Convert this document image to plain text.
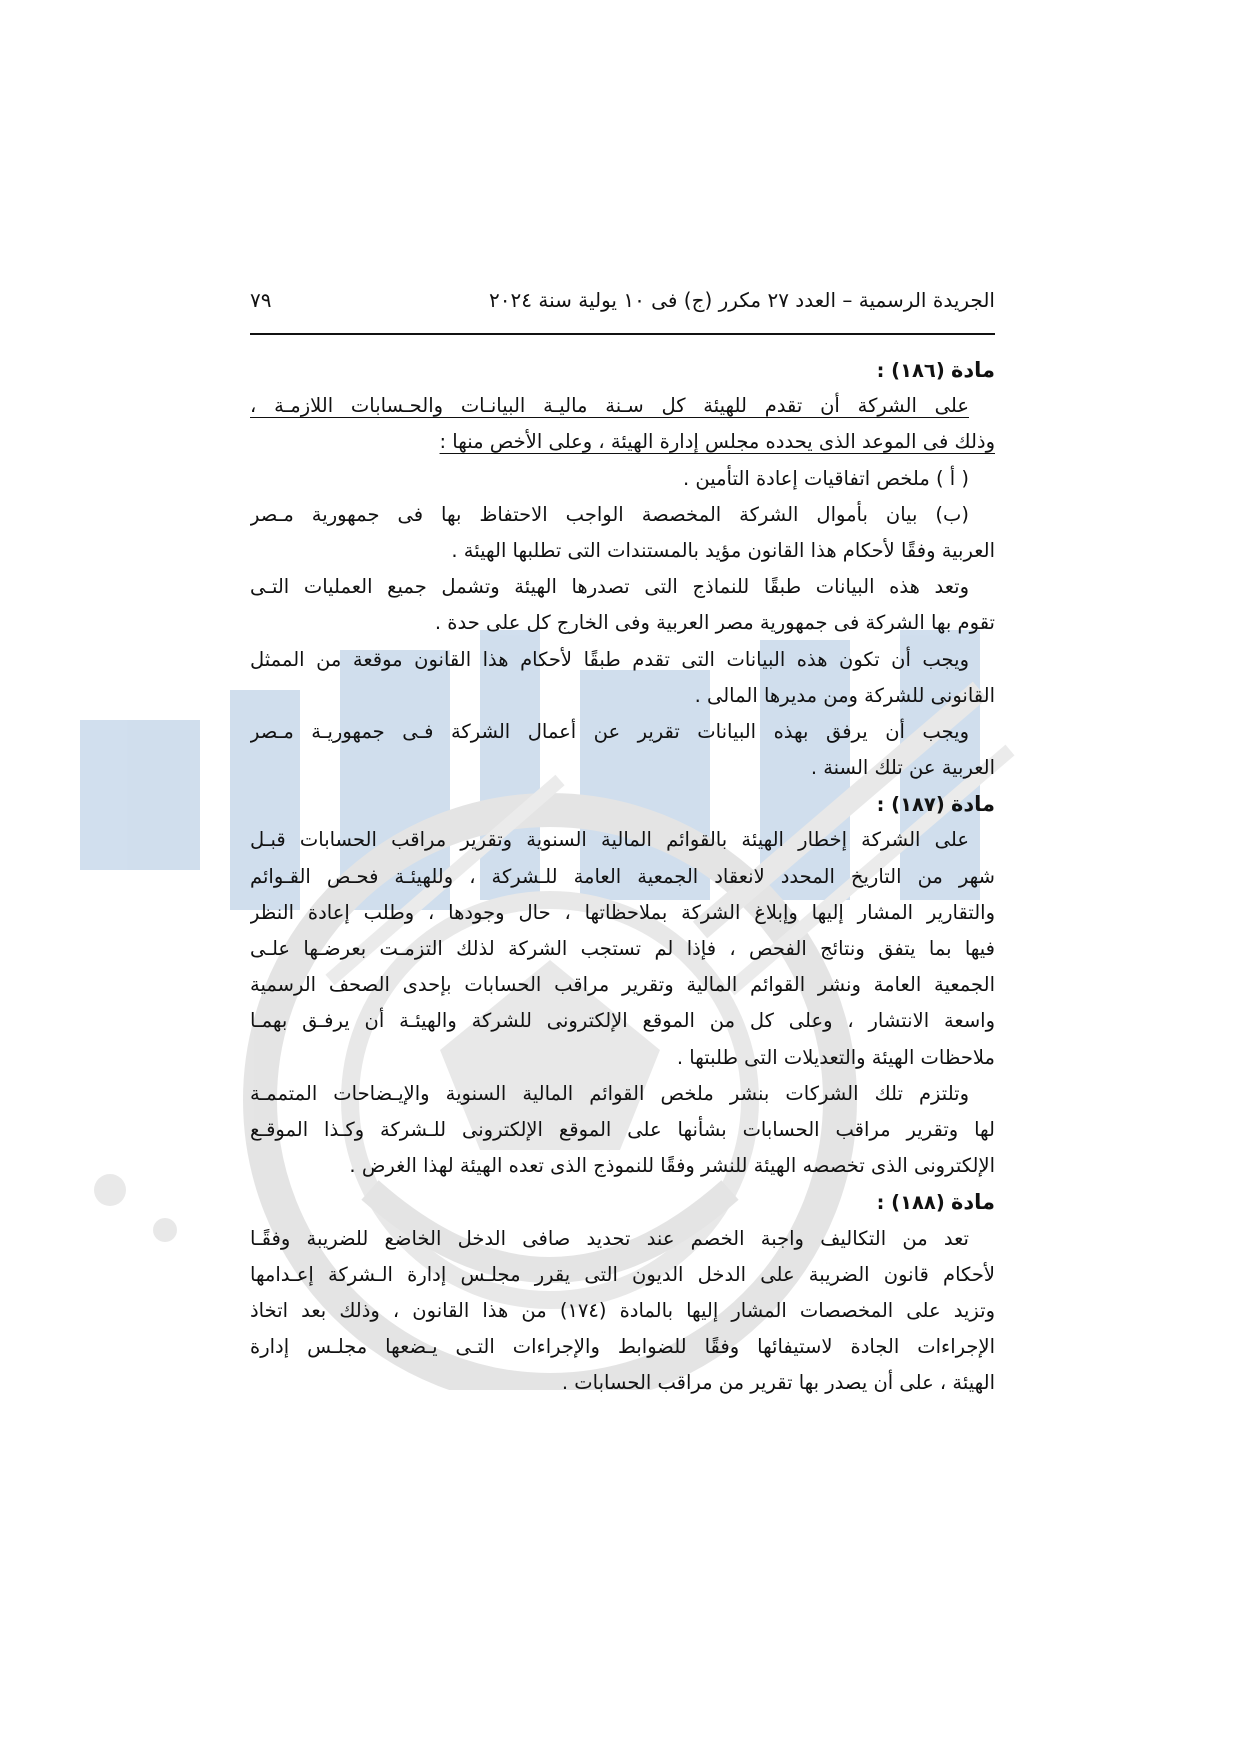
الجريدة الرسمية – العدد ٢٧ مكرر (ج) فى ١٠ يولية سنة ٢٠٢٤
٧٩
مادة (١٨٦) :
على الشركة أن تقدم للهيئة كل سـنة ماليـة البيانـات والحـسابات اللازمـة ،
وذلك فى الموعد الذى يحدده مجلس إدارة الهيئة ، وعلى الأخص منها :
( أ ) ملخص اتفاقيات إعادة التأمين .
(ب) بيان بأموال الشركة المخصصة الواجب الاحتفاظ بها فى جمهورية مـصر
العربية وفقًا لأحكام هذا القانون مؤيد بالمستندات التى تطلبها الهيئة .
وتعد هذه البيانات طبقًا للنماذج التى تصدرها الهيئة وتشمل جميع العمليات التـى
تقوم بها الشركة فى جمهورية مصر العربية وفى الخارج كل على حدة .
ويجب أن تكون هذه البيانات التى تقدم طبقًا لأحكام هذا القانون موقعة من الممثل
القانونى للشركة ومن مديرها المالى .
ويجب أن يرفق بهذه البيانات تقرير عن أعمال الشركة فـى جمهوريـة مـصر
العربية عن تلك السنة .
مادة (١٨٧) :
على الشركة إخطار الهيئة بالقوائم المالية السنوية وتقرير مراقب الحسابات قبـل
شهر من التاريخ المحدد لانعقاد الجمعية العامة للـشركة ، وللهيئـة فحـص القـوائم
والتقارير المشار إليها وإبلاغ الشركة بملاحظاتها ، حال وجودها ، وطلب إعادة النظر
فيها بما يتفق ونتائج الفحص ، فإذا لم تستجب الشركة لذلك التزمـت بعرضـها علـى
الجمعية العامة ونشر القوائم المالية وتقرير مراقب الحسابات بإحدى الصحف الرسمية
واسعة الانتشار ، وعلى كل من الموقع الإلكترونى للشركة والهيئـة أن يرفـق بهمـا
ملاحظات الهيئة والتعديلات التى طلبتها .
وتلتزم تلك الشركات بنشر ملخص القوائم المالية السنوية والإيـضاحات المتممـة
لها وتقرير مراقب الحسابات بشأنها على الموقع الإلكترونى للـشركة وكـذا الموقـع
الإلكترونى الذى تخصصه الهيئة للنشر وفقًا للنموذج الذى تعده الهيئة لهذا الغرض .
مادة (١٨٨) :
تعد من التكاليف واجبة الخصم عند تحديد صافى الدخل الخاضع للضريبة وفقًـا
لأحكام قانون الضريبة على الدخل الديون التى يقرر مجلـس إدارة الـشركة إعـدامها
وتزيد على المخصصات المشار إليها بالمادة (١٧٤) من هذا القانون ، وذلك بعد اتخاذ
الإجراءات الجادة لاستيفائها وفقًا للضوابط والإجراءات التـى يـضعها مجلـس إدارة
الهيئة ، على أن يصدر بها تقرير من مراقب الحسابات .
